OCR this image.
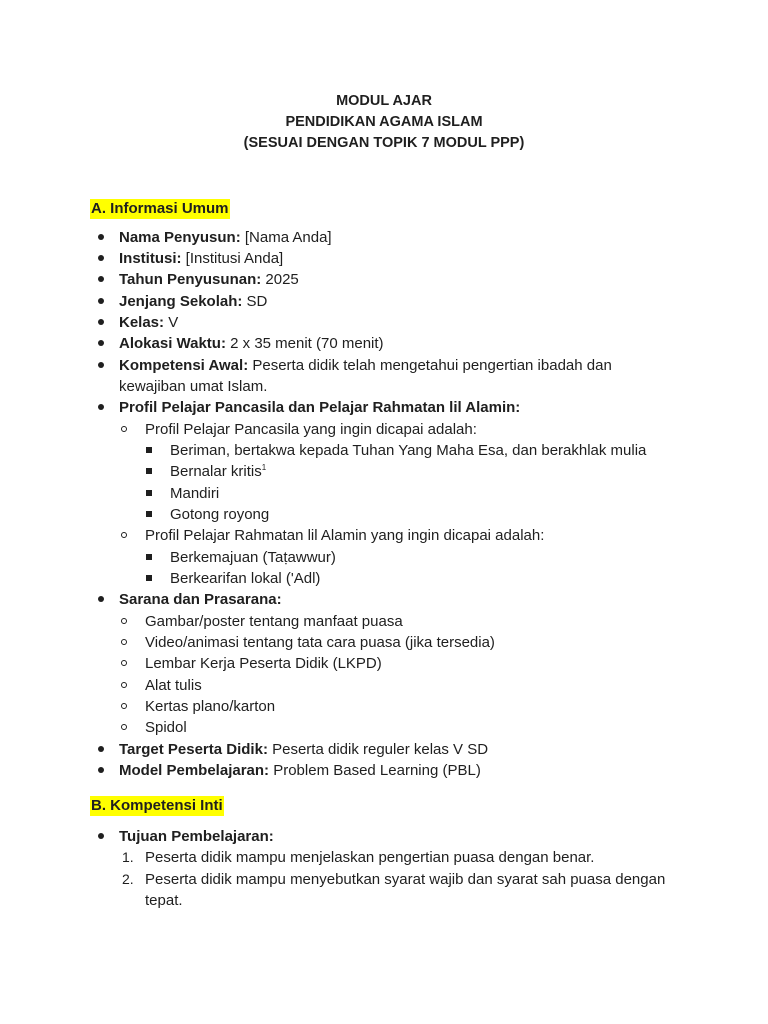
MODUL AJAR
PENDIDIKAN AGAMA ISLAM
(SESUAI DENGAN TOPIK 7 MODUL PPP)
A. Informasi Umum
Nama Penyusun: [Nama Anda]
Institusi: [Institusi Anda]
Tahun Penyusunan: 2025
Jenjang Sekolah: SD
Kelas: V
Alokasi Waktu: 2 x 35 menit (70 menit)
Kompetensi Awal: Peserta didik telah mengetahui pengertian ibadah dan
kewajiban umat Islam.
Profil Pelajar Pancasila dan Pelajar Rahmatan lil Alamin:
Profil Pelajar Pancasila yang ingin dicapai adalah:
Beriman, bertakwa kepada Tuhan Yang Maha Esa, dan berakhlak mulia
Bernalar kritis$^1$
Mandiri
Gotong royong
Profil Pelajar Rahmatan lil Alamin yang ingin dicapai adalah:
Berkemajuan (Taṭawwur)
Berkearifan lokal ('Adl)
Sarana dan Prasarana:
Gambar/poster tentang manfaat puasa
Video/animasi tentang tata cara puasa (jika tersedia)
Lembar Kerja Peserta Didik (LKPD)
Alat tulis
Kertas plano/karton
Spidol
Target Peserta Didik: Peserta didik reguler kelas V SD
Model Pembelajaran: Problem Based Learning (PBL)
B. Kompetensi Inti
Tujuan Pembelajaran:
1. Peserta didik mampu menjelaskan pengertian puasa dengan benar.
2. Peserta didik mampu menyebutkan syarat wajib dan syarat sah puasa dengan
tepat.
